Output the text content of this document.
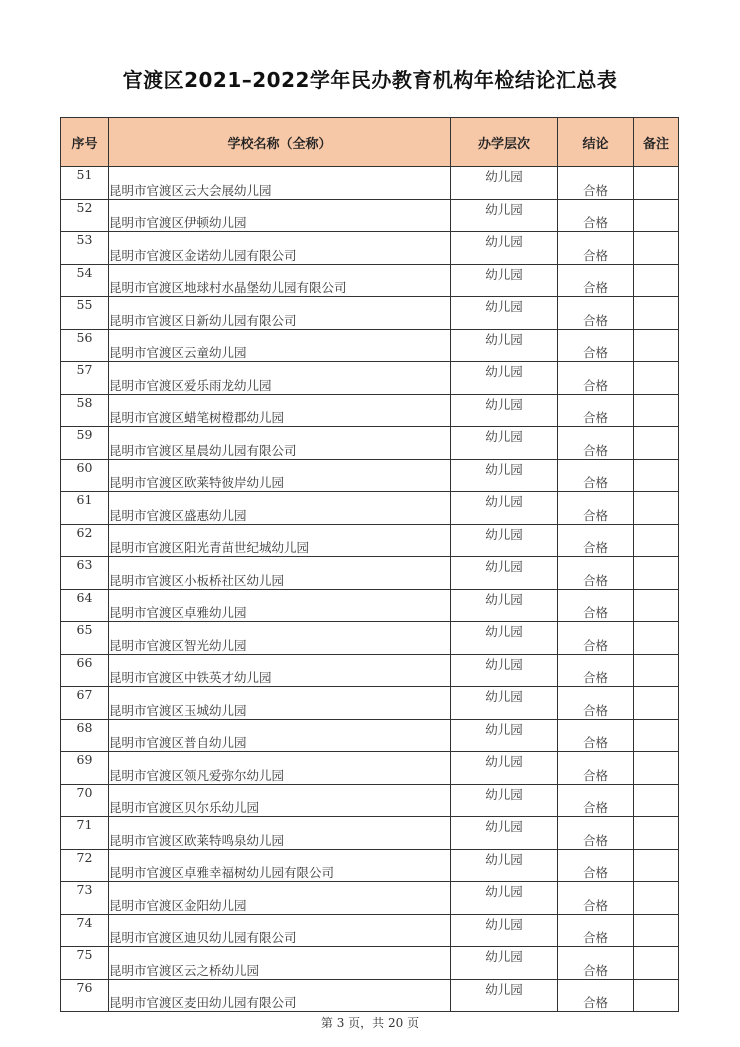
官渡区2021–2022学年民办教育机构年检结论汇总表
序号	学校名称（全称）	办学层次	结论	备注
51	昆明市官渡区云大会展幼儿园	幼儿园	合格	
52	昆明市官渡区伊顿幼儿园	幼儿园	合格	
53	昆明市官渡区金诺幼儿园有限公司	幼儿园	合格	
54	昆明市官渡区地球村水晶堡幼儿园有限公司	幼儿园	合格	
55	昆明市官渡区日新幼儿园有限公司	幼儿园	合格	
56	昆明市官渡区云童幼儿园	幼儿园	合格	
57	昆明市官渡区爱乐雨龙幼儿园	幼儿园	合格	
58	昆明市官渡区蜡笔树橙郡幼儿园	幼儿园	合格	
59	昆明市官渡区星晨幼儿园有限公司	幼儿园	合格	
60	昆明市官渡区欧莱特彼岸幼儿园	幼儿园	合格	
61	昆明市官渡区盛惠幼儿园	幼儿园	合格	
62	昆明市官渡区阳光青苗世纪城幼儿园	幼儿园	合格	
63	昆明市官渡区小板桥社区幼儿园	幼儿园	合格	
64	昆明市官渡区卓雅幼儿园	幼儿园	合格	
65	昆明市官渡区智光幼儿园	幼儿园	合格	
66	昆明市官渡区中铁英才幼儿园	幼儿园	合格	
67	昆明市官渡区玉城幼儿园	幼儿园	合格	
68	昆明市官渡区普自幼儿园	幼儿园	合格	
69	昆明市官渡区领凡爱弥尔幼儿园	幼儿园	合格	
70	昆明市官渡区贝尔乐幼儿园	幼儿园	合格	
71	昆明市官渡区欧莱特鸣泉幼儿园	幼儿园	合格	
72	昆明市官渡区卓雅幸福树幼儿园有限公司	幼儿园	合格	
73	昆明市官渡区金阳幼儿园	幼儿园	合格	
74	昆明市官渡区迪贝幼儿园有限公司	幼儿园	合格	
75	昆明市官渡区云之桥幼儿园	幼儿园	合格	
76	昆明市官渡区麦田幼儿园有限公司	幼儿园	合格	
第 3 页，共 20 页
